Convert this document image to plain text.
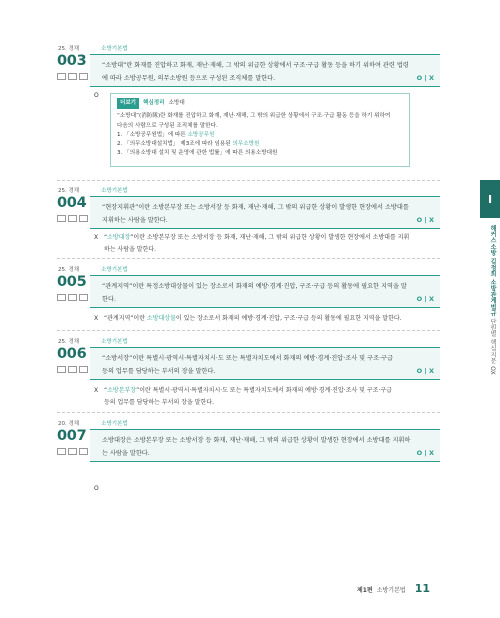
25. 경채	소방기본법
003	“소방대”란 화재를 진압하고 화재, 재난·재해, 그 밖의 위급한 상황에서 구조·구급 활동 등을 하기 위하여 관련 법령

에 따라 소방공무원, 의무소방원 등으로 구성된 조직체를 말한다.	O | X
O
더보기	핵심정리 소방대
“소방대”(消防隊)란 화재를 진압하고 화재, 재난·재해, 그 밖의 위급한 상황에서 구조·구급 활동 등을 하기 위하여
다음의 사람으로 구성된 조직체를 말한다.
1. 「소방공무원법」에 따른 소방공무원
2. 「의무소방대설치법」 제3조에 따라 임용된 의무소방원
3. 「의용소방대 설치 및 운영에 관한 법률」에 따른 의용소방대원
25. 경채	소방기본법
004	“현장지휘관”이란 소방본부장 또는 소방서장 등 화재, 재난·재해, 그 밖의 위급한 상황이 발생한 현장에서 소방대를

지휘하는 사람을 말한다.	O | X
X “소방대장”이란 소방본부장 또는 소방서장 등 화재, 재난·재해, 그 밖의 위급한 상황이 발생한 현장에서 소방대를 지휘
하는 사람을 말한다.
25. 경채	소방기본법
005	“관계지역”이란 특정소방대상물이 있는 장소로서 화재의 예방·경계·진압, 구조·구급 등의 활동에 필요한 지역을 말

한다.	O | X
X “관계지역”이란 소방대상물이 있는 장소로서 화재의 예방·경계·진압, 구조·구급 등의 활동에 필요한 지역을 말한다.
25. 경채	소방기본법
006	“소방서장”이란 특별시·광역시·특별자치시·도 또는 특별자치도에서 화재의 예방·경계·진압·조사 및 구조·구급

등의 업무를 담당하는 부서의 장을 말한다.	O | X
X “소방본부장”이란 특별시·광역시·특별자치시·도 또는 특별자치도에서 화재의 예방·경계·진압·조사 및 구조·구급
등의 업무를 담당하는 부서의 장을 말한다.
20. 경채	소방기본법
007	소방대장은 소방본부장 또는 소방서장 등 화재, 재난·재해, 그 밖의 위급한 상황이 발생한 현장에서 소방대를 지휘하

는 사람을 말한다.	O | X
O
I
해커스소방 김정희 소방관계법규 단원별 핵심지문 OX
제1편 소방기본법 11
